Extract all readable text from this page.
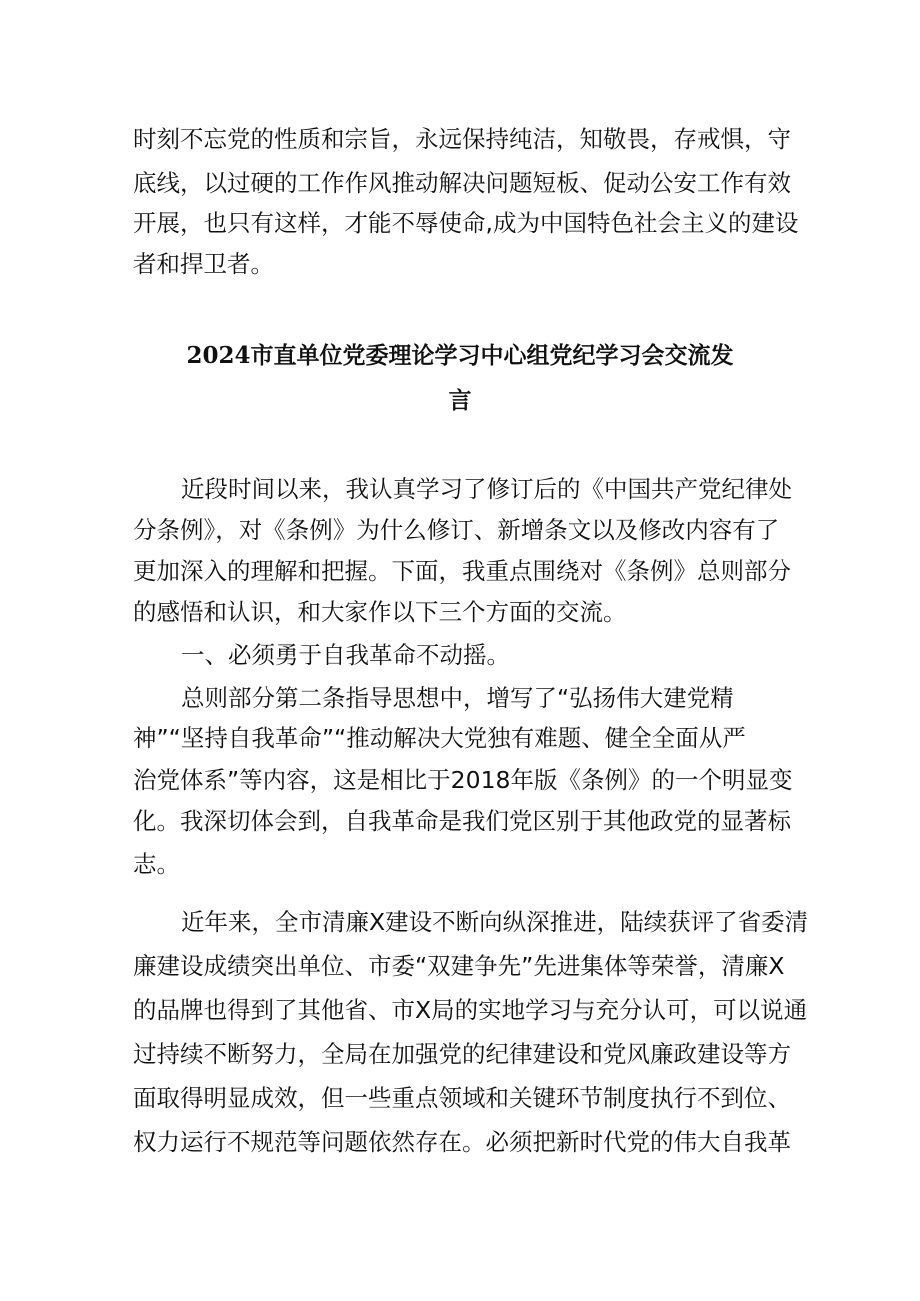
时刻不忘党的性质和宗旨，永远保持纯洁，知敬畏，存戒惧，守

底线，以过硬的工作作风推动解决问题短板、促动公安工作有效

开展，也只有这样，才能不辱使命,成为中国特色社会主义的建设

者和捍卫者。

2024市直单位党委理论学习中心组党纪学习会交流发

言

近段时间以来，我认真学习了修订后的《中国共产党纪律处

分条例》，对《条例》为什么修订、新增条文以及修改内容有了

更加深入的理解和把握。下面，我重点围绕对《条例》总则部分

的感悟和认识，和大家作以下三个方面的交流。

一、必须勇于自我革命不动摇。

总则部分第二条指导思想中，增写了“弘扬伟大建党精

神”“坚持自我革命”“推动解决大党独有难题、健全全面从严

治党体系”等内容，这是相比于2018年版《条例》的一个明显变

化。我深切体会到，自我革命是我们党区别于其他政党的显著标

志。

近年来，全市清廉X建设不断向纵深推进，陆续获评了省委清

廉建设成绩突出单位、市委“双建争先”先进集体等荣誉，清廉X

的品牌也得到了其他省、市X局的实地学习与充分认可，可以说通

过持续不断努力，全局在加强党的纪律建设和党风廉政建设等方

面取得明显成效，但一些重点领域和关键环节制度执行不到位、

权力运行不规范等问题依然存在。必须把新时代党的伟大自我革
